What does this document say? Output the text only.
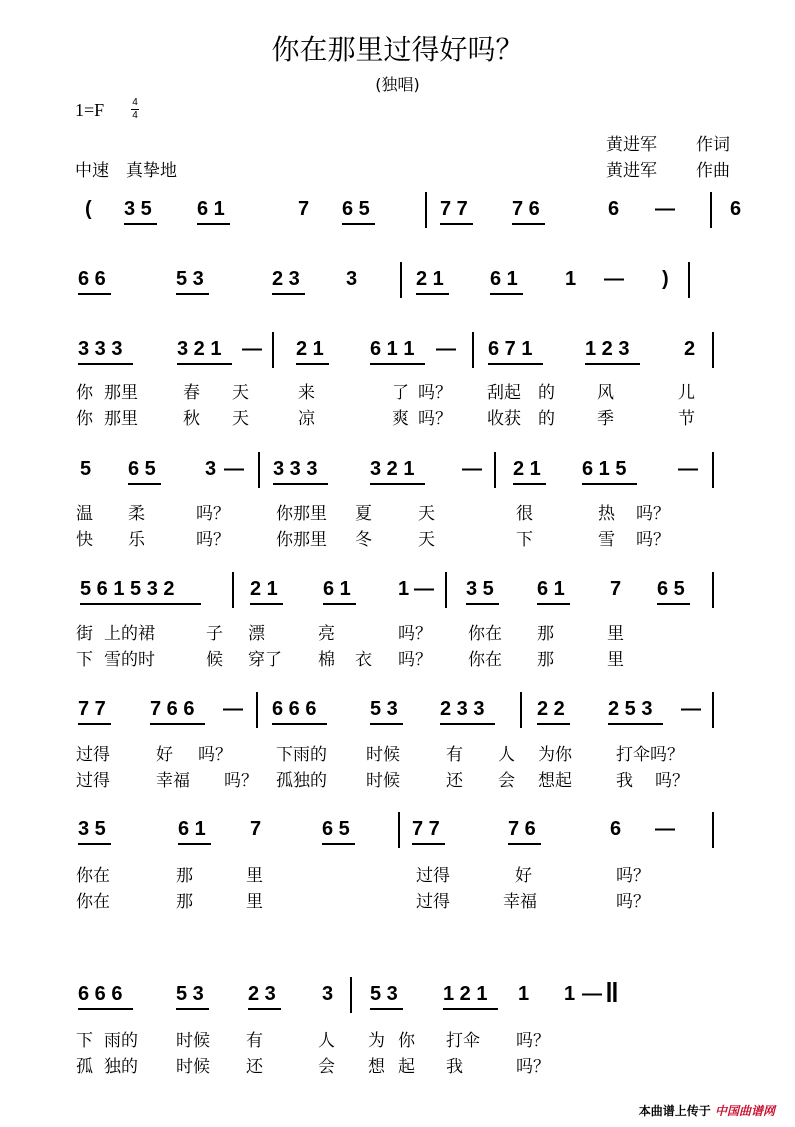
你在那里过得好吗？
(独唱)
1=F	4
4
黄进军 作词
黄进军 作曲
中速　真挚地
( 3 5 6 1	7 6 5	7 7 7 6	6 —	6
6 6	5 3	2 3 3	2 1 6 1 1 — )
3 3 3	3 2 1 — 2 1 6 1 1 — 6 7 1	1 2 3	2
5 6 5 3 — 3 3 3	3 2 1 — 2 1 6 1 5	—
5 6 1 5 3 2	2 1 6 1 1 — 3 5 6 1 7 6 5
7 7 7 6 6 — 6 6 6	5 3 2 3 3	2 2 2 5 3 —
3 5	6 1 7	6 5	7 7	7 6	6 —
6 6 6	5 3 2 3 3 5 3 1 2 1 1 1 — ‖
你 那里	春 天	来	了 吗？ 刮起 的 风	儿
你 那里	秋 天	凉	爽 吗？ 收获 的 季	节
温 柔	吗？	你那里 夏	天	很	热 吗？
快 乐	吗？	你那里 冬	天	下	雪 吗？
街 上的裙	子 漂	亮	吗？ 你在 那	里
下 雪的时	候 穿了 棉 衣 吗？ 你在 那	里
过得	好 吗？	下雨的 时候	有 人 为你	打伞吗？
过得	幸福 吗？ 孤独的 时候	还 会 想起	我 吗？
你在	那	里	过得	好	吗？
你在	那	里	过得	幸福	吗？
下 雨的 时候 有	人 为 你 打伞 吗？
孤 独的 时候 还	会 想 起 我	吗？
本曲谱上传于 中国曲谱网
